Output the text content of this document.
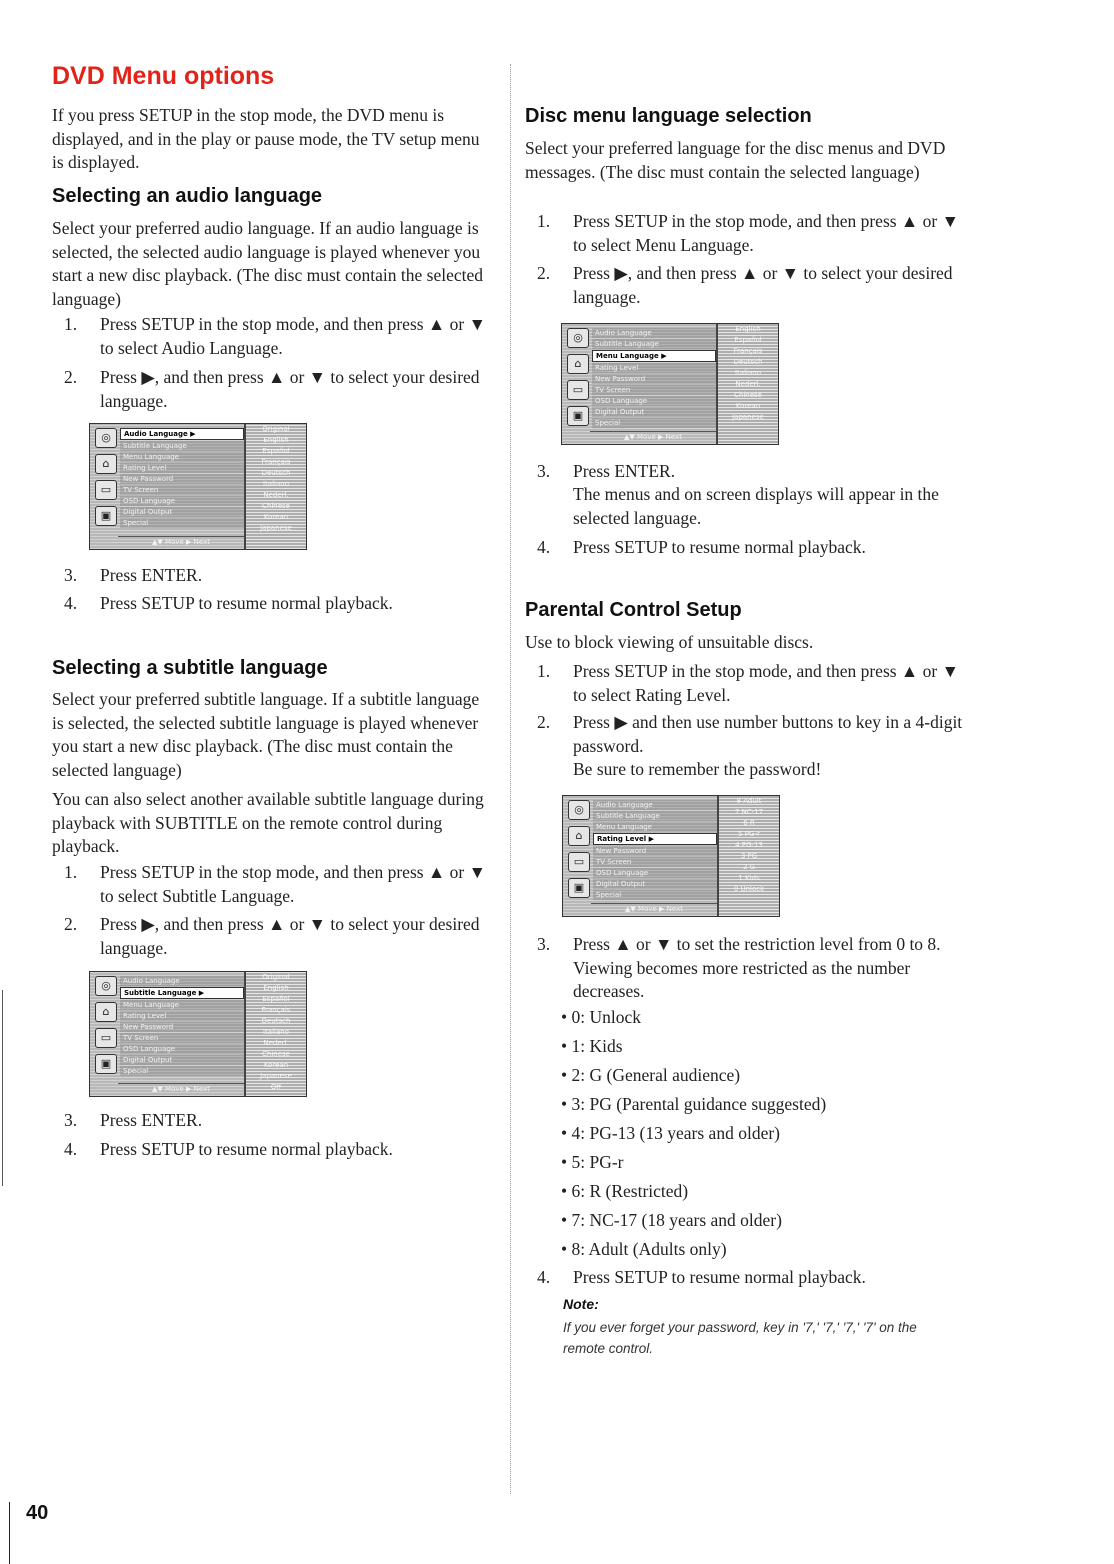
40
DVD Menu options

If you press SETUP in the stop mode, the DVD menu is displayed, and in the play or pause mode, the TV setup menu is displayed.

Selecting an audio language

Select your preferred audio language. If an audio language is selected, the selected audio language is played whenever you start a new disc playback. (The disc must contain the selected language)

1. Press SETUP in the stop mode, and then press ▲ or ▼ to select Audio Language.
2. Press ▶, and then press ▲ or ▼ to select your desired language.
◎
⌂
▭
▣
Audio Language ▶
Subtitle Language
Menu Language
Rating Level
New Password
TV Screen
OSD Language
Digital Output
Special
▲▼ Move ▶ Next
Original
English
Español
Français
Deutsch
Italiano
Nederl.
Chinese
Korean
Japanese
3. Press ENTER.
4. Press SETUP to resume normal playback.
Selecting a subtitle language

Select your preferred subtitle language. If a subtitle language is selected, the selected subtitle language is played whenever you start a new disc playback. (The disc must contain the selected language)

You can also select another available subtitle language during playback with SUBTITLE on the remote control during playback.

1. Press SETUP in the stop mode, and then press ▲ or ▼ to select Subtitle Language.
2. Press ▶, and then press ▲ or ▼ to select your desired language.
◎
⌂
▭
▣
Audio Language
Subtitle Language ▶
Menu Language
Rating Level
New Password
TV Screen
OSD Language
Digital Output
Special
▲▼ Move ▶ Next
Original
English
Español
Français
Deutsch
Italiano
Nederl.
Chinese
Korean
Japanese
Off
3. Press ENTER.
4. Press SETUP to resume normal playback.
Disc menu language selection

Select your preferred language for the disc menus and DVD messages. (The disc must contain the selected language)

1. Press SETUP in the stop mode, and then press ▲ or ▼ to select Menu Language.
2. Press ▶, and then press ▲ or ▼ to select your desired language.
◎
⌂
▭
▣
Audio Language
Subtitle Language
Menu Language ▶
Rating Level
New Password
TV Screen
OSD Language
Digital Output
Special
▲▼ Move ▶ Next
English
Español
Français
Deutsch
Italiano
Nederl.
Chinese
Korean
Japanese
3. Press ENTER.

The menus and on screen displays will appear in the selected language.

4. Press SETUP to resume normal playback.
Parental Control Setup

Use to block viewing of unsuitable discs.

1. Press SETUP in the stop mode, and then press ▲ or ▼ to select Rating Level.
2. Press ▶ and then use number buttons to key in a 4-digit password.

Be sure to remember the password!

◎
⌂
▭
▣
Audio Language
Subtitle Language
Menu Language
Rating Level ▶
New Password
TV Screen
OSD Language
Digital Output
Special
▲▼ Move ▶ Next
8 Adult
7 NC-17
6 R
5 PG-r
4 PG-13
3 PG
2 G
1 Kids
0 Unlock
3. Press ▲ or ▼ to set the restriction level from 0 to 8. Viewing becomes more restricted as the number decreases.
• 0: Unlock
• 1: Kids
• 2: G (General audience)
• 3: PG (Parental guidance suggested)
• 4: PG-13 (13 years and older)
• 5: PG-r
• 6: R (Restricted)
• 7: NC-17 (18 years and older)
• 8: Adult (Adults only)
4. Press SETUP to resume normal playback.
Note:
If you ever forget your password, key in '7,' '7,' '7,' '7' on the remote control.
